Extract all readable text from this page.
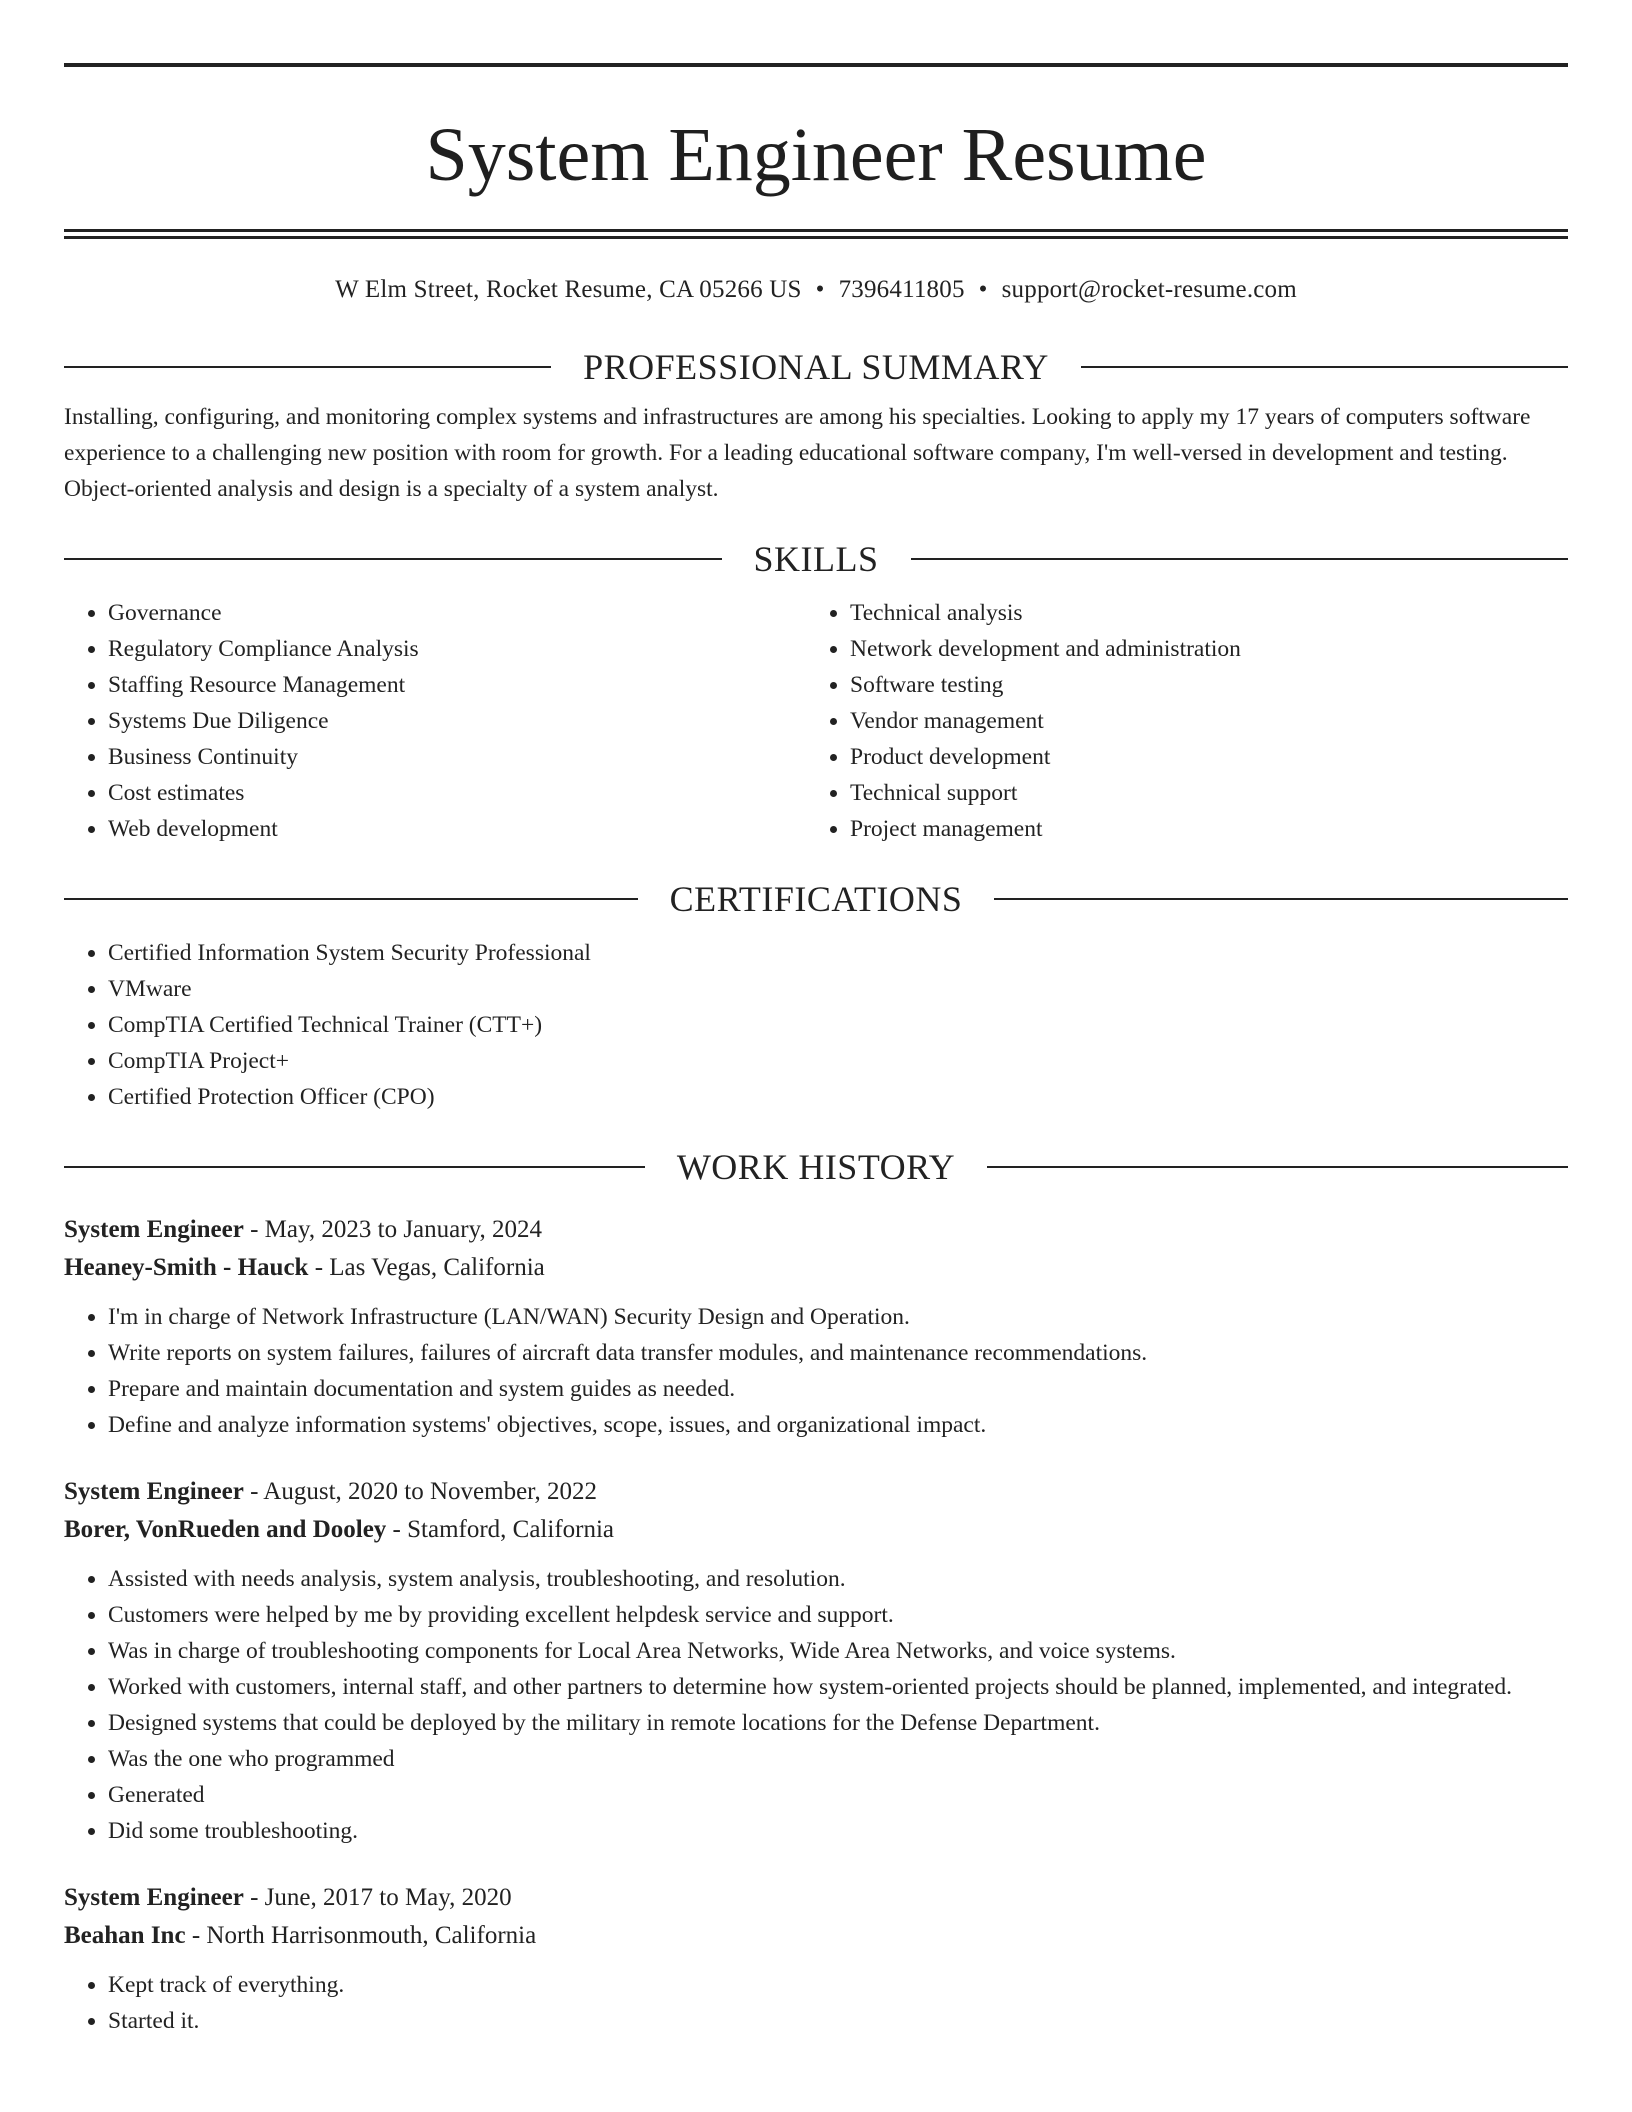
System Engineer Resume
W Elm Street, Rocket Resume, CA 05266 US • 7396411805 • support@rocket-resume.com
PROFESSIONAL SUMMARY

Installing, configuring, and monitoring complex systems and infrastructures are among his specialties. Looking to apply my 17 years of computers software experience to a challenging new position with room for growth. For a leading educational software company, I'm well-versed in development and testing. Object-oriented analysis and design is a specialty of a system analyst.

SKILLS
• Governance
• Regulatory Compliance Analysis
• Staffing Resource Management
• Systems Due Diligence
• Business Continuity
• Cost estimates
• Web development
• Technical analysis
• Network development and administration
• Software testing
• Vendor management
• Product development
• Technical support
• Project management
CERTIFICATIONS
• Certified Information System Security Professional
• VMware
• CompTIA Certified Technical Trainer (CTT+)
• CompTIA Project+
• Certified Protection Officer (CPO)
WORK HISTORY
System Engineer - May, 2023 to January, 2024
Heaney-Smith - Hauck - Las Vegas, California
• I'm in charge of Network Infrastructure (LAN/WAN) Security Design and Operation.
• Write reports on system failures, failures of aircraft data transfer modules, and maintenance recommendations.
• Prepare and maintain documentation and system guides as needed.
• Define and analyze information systems' objectives, scope, issues, and organizational impact.
System Engineer - August, 2020 to November, 2022
Borer, VonRueden and Dooley - Stamford, California
• Assisted with needs analysis, system analysis, troubleshooting, and resolution.
• Customers were helped by me by providing excellent helpdesk service and support.
• Was in charge of troubleshooting components for Local Area Networks, Wide Area Networks, and voice systems.
• Worked with customers, internal staff, and other partners to determine how system-oriented projects should be planned, implemented, and integrated.
• Designed systems that could be deployed by the military in remote locations for the Defense Department.
• Was the one who programmed
• Generated
• Did some troubleshooting.
System Engineer - June, 2017 to May, 2020
Beahan Inc - North Harrisonmouth, California
• Kept track of everything.
• Started it.
